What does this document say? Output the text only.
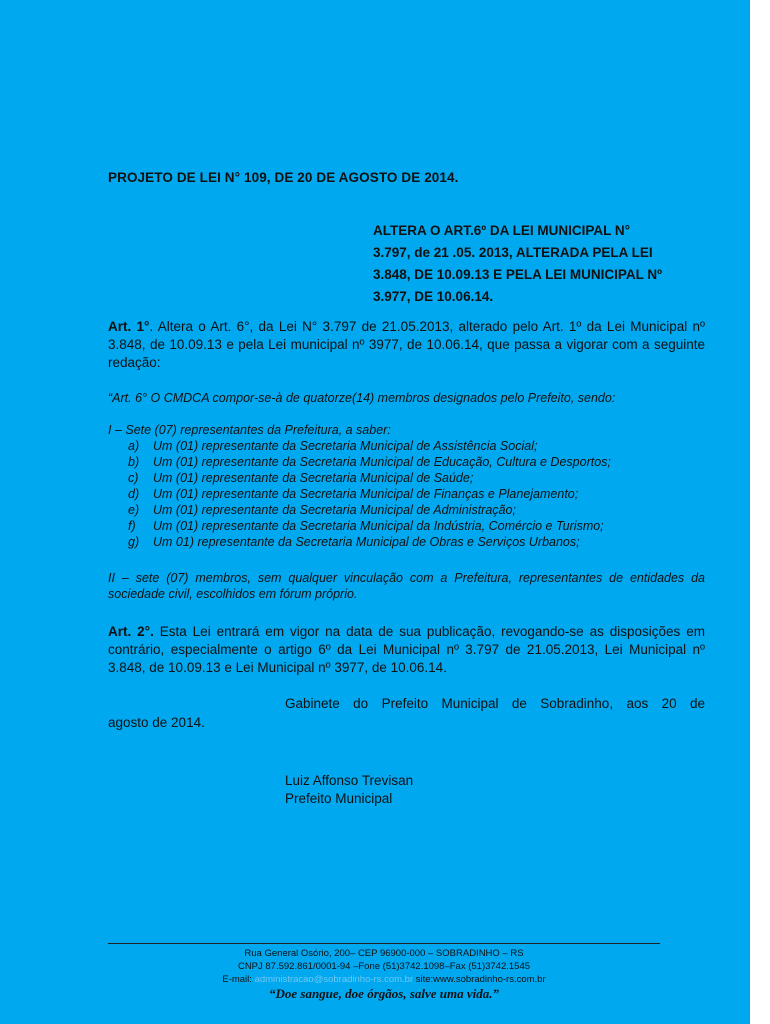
PROJETO DE LEI N° 109, DE 20 DE AGOSTO DE 2014.
ALTERA O ART.6º DA LEI MUNICIPAL N°
3.797, de 21 .05. 2013, ALTERADA PELA LEI
3.848, DE 10.09.13 E PELA LEI MUNICIPAL Nº
3.977, DE 10.06.14.
Art. 1°. Altera o Art. 6°, da Lei N° 3.797 de 21.05.2013, alterado pelo Art. 1º da Lei Municipal nº 3.848, de 10.09.13 e pela Lei municipal nº 3977, de 10.06.14, que passa a vigorar com a seguinte redação:
“Art. 6° O CMDCA compor-se-à de quatorze(14) membros designados pelo Prefeito, sendo:
I – Sete (07) representantes da Prefeitura, a saber:
a)	Um (01) representante da Secretaria Municipal de Assistência Social;
b)	Um (01) representante da Secretaria Municipal de Educação, Cultura e Desportos;
c)	Um (01) representante da Secretaria Municipal de Saúde;
d)	Um (01) representante da Secretaria Municipal de Finanças e Planejamento;
e)	Um (01) representante da Secretaria Municipal de Administração;
f)	Um (01) representante da Secretaria Municipal da Indústria, Comércio e Turismo;
g)	Um 01) representante da Secretaria Municipal de Obras e Serviços Urbanos;
II – sete (07) membros, sem qualquer vinculação com a Prefeitura, representantes de entidades da sociedade civil, escolhidos em fórum próprio.
Art. 2°. Esta Lei entrará em vigor na data de sua publicação, revogando-se as disposições em contrário, especialmente o artigo 6º da Lei Municipal nº 3.797 de 21.05.2013, Lei Municipal nº 3.848, de 10.09.13 e Lei Municipal nº 3977, de 10.06.14.
Gabinete do Prefeito Municipal de Sobradinho, aos 20 de
agosto de 2014.
Luiz Affonso Trevisan
Prefeito Municipal
Rua General Osório, 200– CEP 96900-000 – SOBRADINHO – RS
CNPJ 87.592.861/0001-94 –Fone (51)3742.1098–Fax (51)3742.1545
E-mail: administracao@sobradinho-rs.com.br site:www.sobradinho-rs.com.br
“Doe sangue, doe órgãos, salve uma vida.”
